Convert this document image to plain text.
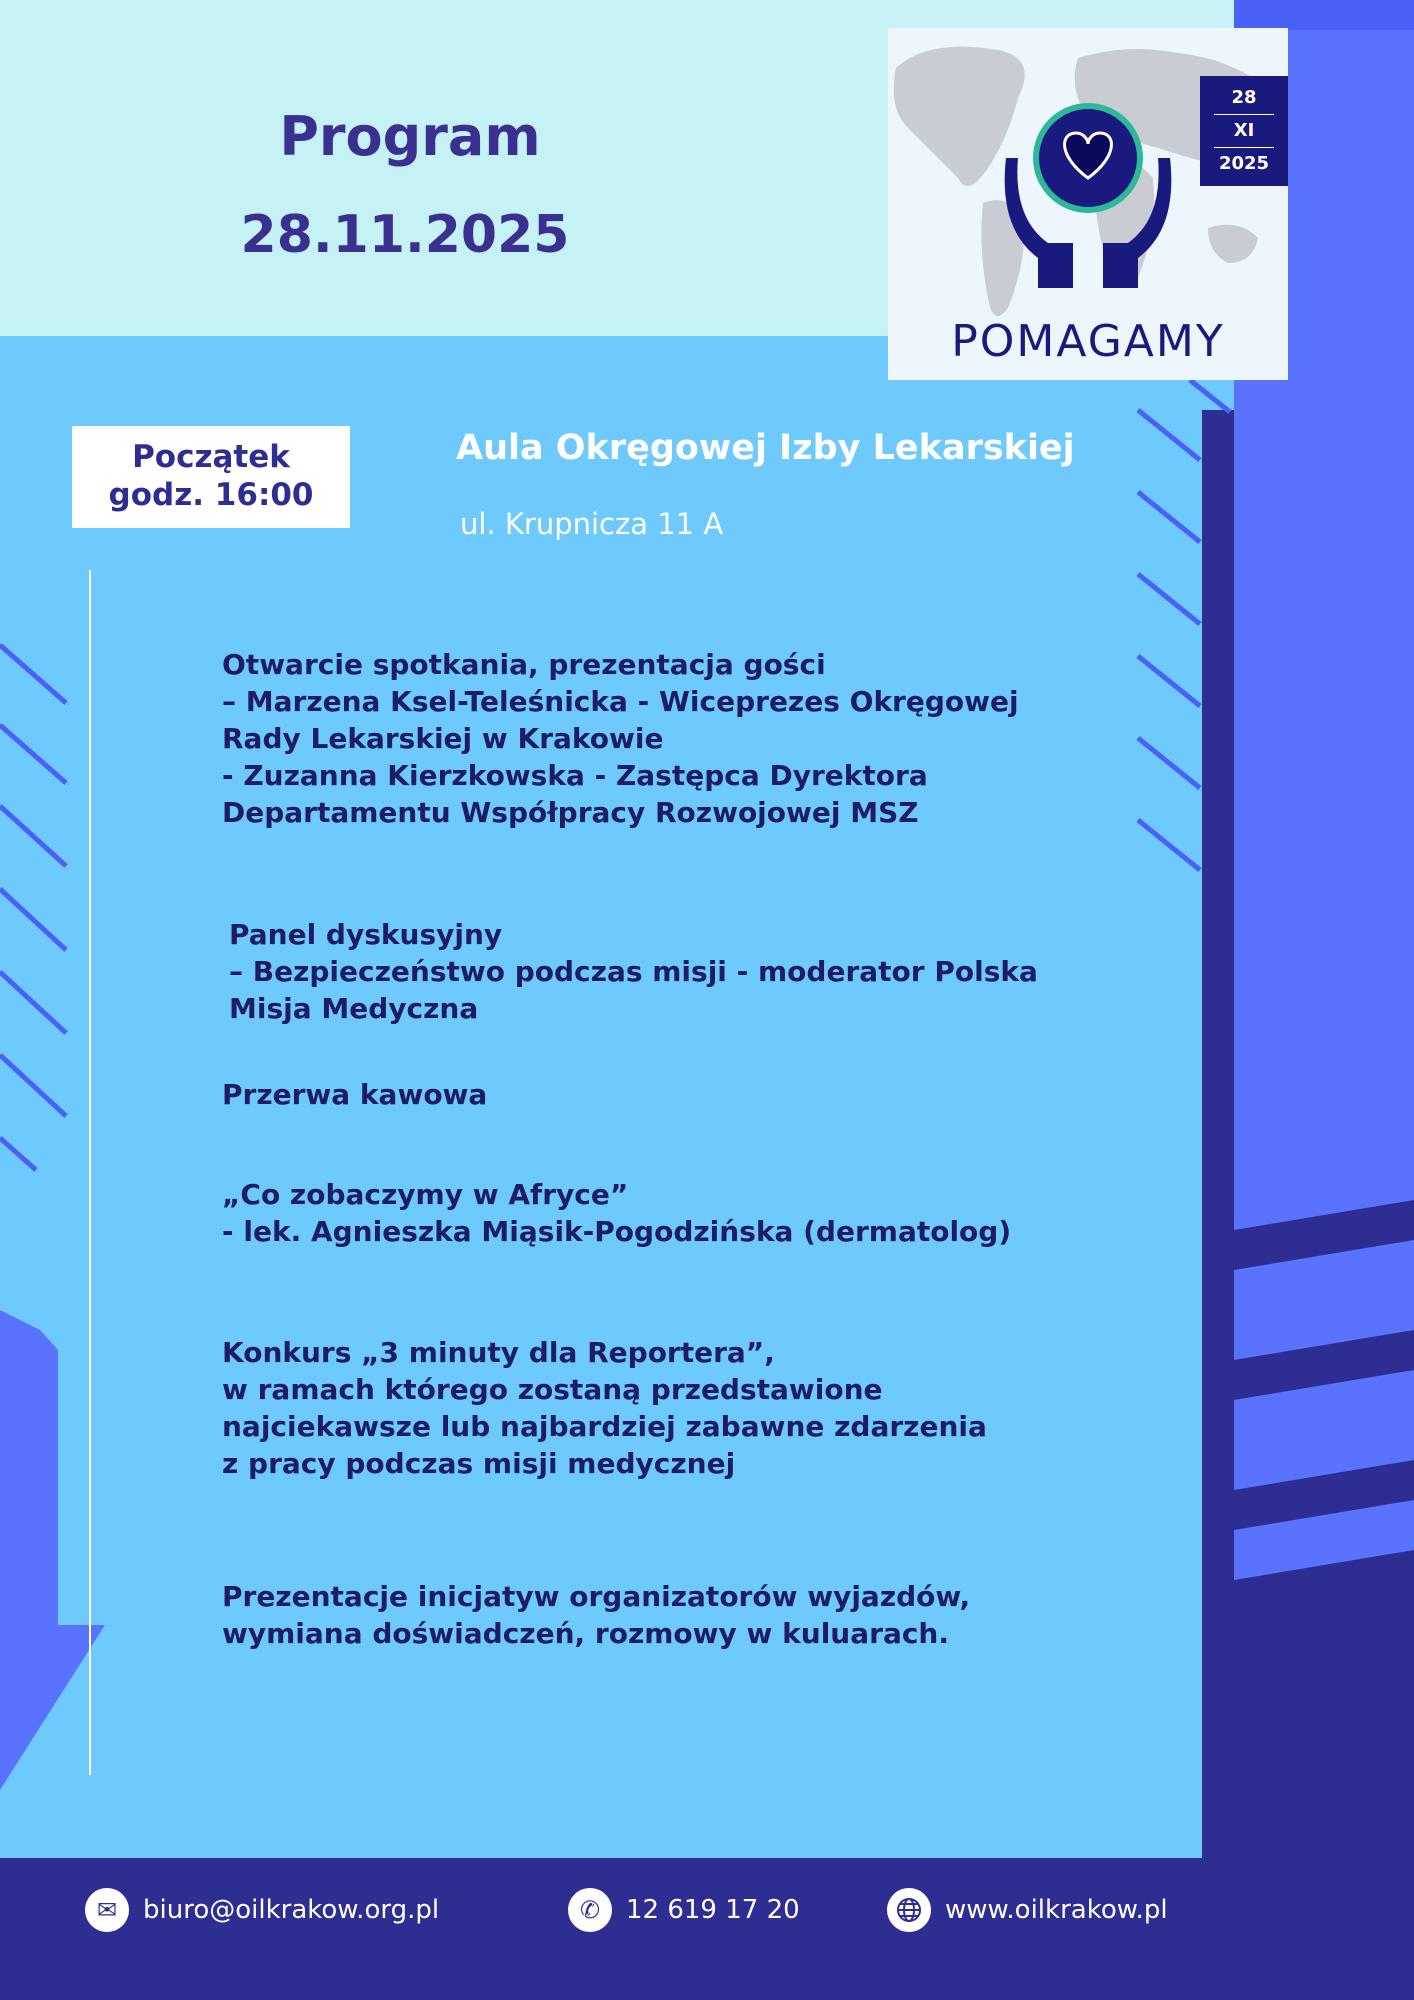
Program
28.11.2025
28
XI
2025
POMAGAMY
Początek
godz. 16:00
Aula Okręgowej Izby Lekarskiej
ul. Krupnicza 11 A
Otwarcie spotkania, prezentacja gości
– Marzena Ksel-Teleśnicka - Wiceprezes Okręgowej
Rady Lekarskiej w Krakowie
- Zuzanna Kierzkowska - Zastępca Dyrektora
Departamentu Współpracy Rozwojowej MSZ
Panel dyskusyjny
– Bezpieczeństwo podczas misji - moderator Polska
Misja Medyczna
Przerwa kawowa
„Co zobaczymy w Afryce”
- lek. Agnieszka Miąsik-Pogodzińska (dermatolog)
Konkurs „3 minuty dla Reportera”,
w ramach którego zostaną przedstawione
najciekawsze lub najbardziej zabawne zdarzenia
z pracy podczas misji medycznej
Prezentacje inicjatyw organizatorów wyjazdów,
wymiana doświadczeń, rozmowy w kuluarach.
✉ biuro@oilkrakow.org.pl	✆ 12 619 17 20	www.oilkrakow.pl
